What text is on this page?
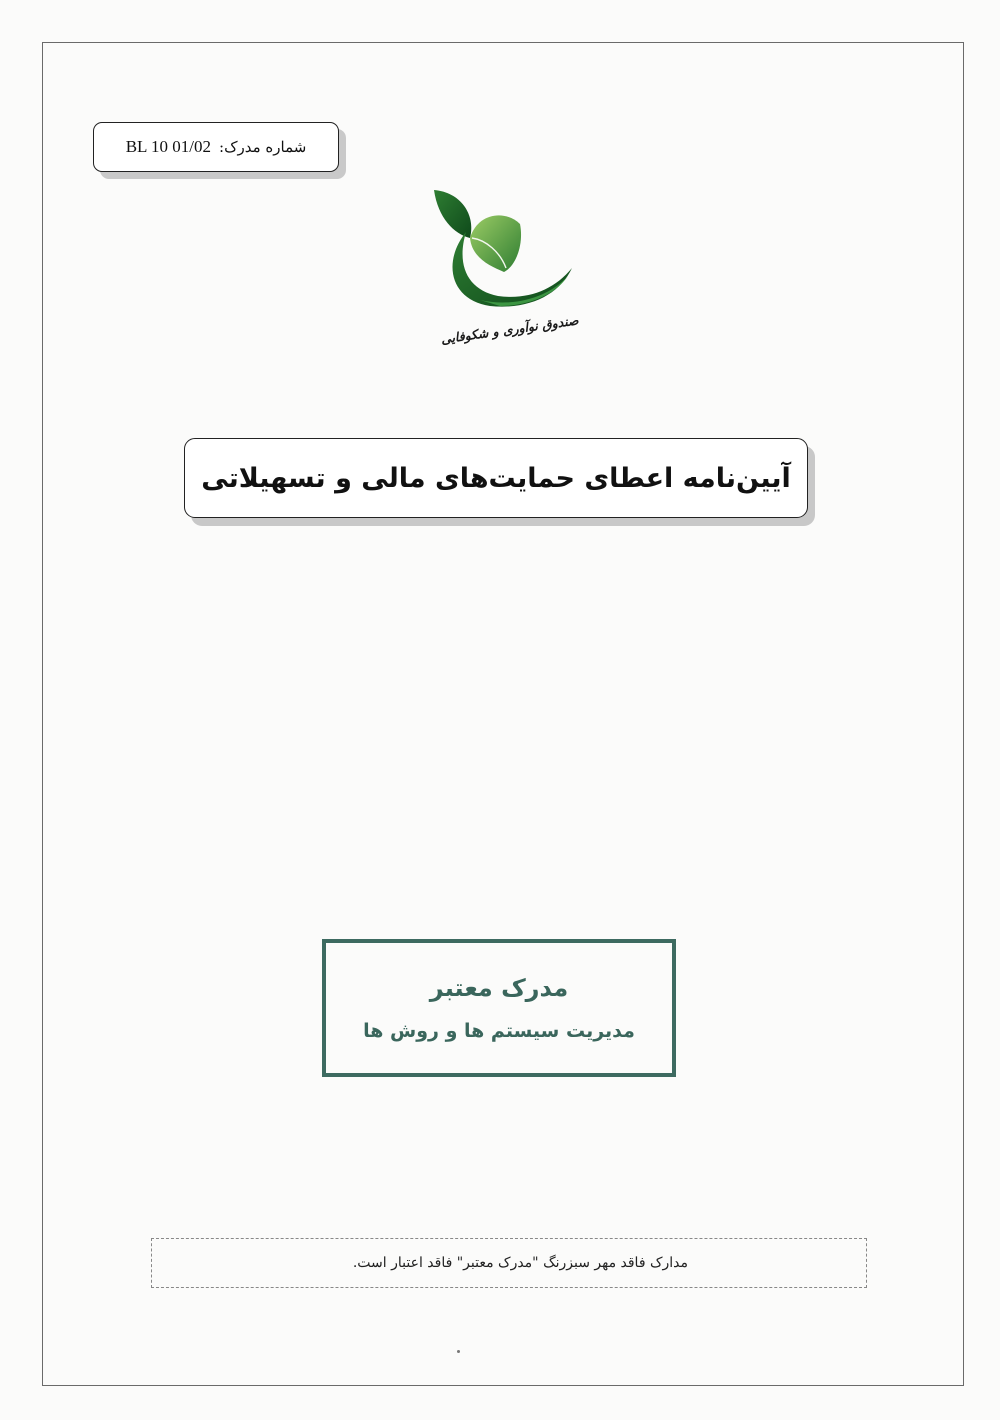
شماره مدرک:
BL 10 01/02
صندوق نوآوری و شکوفایی
آیین‌نامه اعطای حمایت‌های مالی و تسهیلاتی
مدرک معتبر
مدیریت سیستم ها و روش ها
مدارک فاقد مهر سبزرنگ "مدرک معتبر" فاقد اعتبار است.
